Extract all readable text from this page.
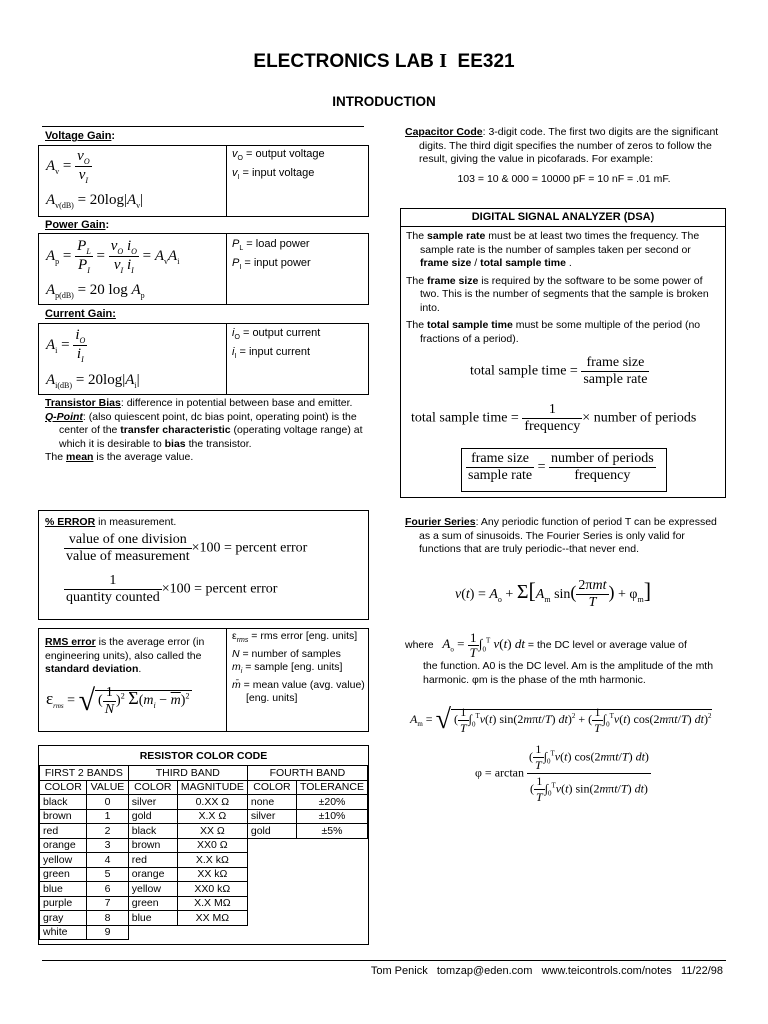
ELECTRONICS LAB I EE321
INTRODUCTION
Voltage Gain:
$A_v = \frac{v_O}{v_I}$
$A_{v(dB)} = 20\log|A_v|$
$v_O$ = output voltage
$v_I$ = input voltage
Power Gain:
$A_p = \frac{P_L}{P_I} = \frac{v_O i_O}{v_I i_I} = A_vA_i$
$A_{p(dB)} = 20$ $\log A_p$
$P_L$ = load power
$P_I$ = input power
Current Gain:
$A_i = \frac{i_O}{i_I}$
$A_{i(dB)} = 20\log|A_i|$
$i_O$ = output current
$i_I$ = input current
Transistor Bias: difference in potential between base and emitter.
Q-Point: (also quiescent point, dc bias point, operating point) is the center of the transfer characteristic (operating voltage range) at which it is desirable to bias the transistor.
The mean is the average value.
% ERROR in measurement.
$\frac{\text{value of one division}}{\text{value of measurement}} \times 100$ = percent error
$\frac{1}{\text{quantity counted}} \times 100$ = percent error
RMS error is the average error (in engineering units), also called the standard deviation.
$\varepsilon_{rms}$ = √ ( $\frac{1}{N} )^2$ $\Sigma(m_i - \overline{m})^2$
$\varepsilon_{rms}$ = rms error [eng. units]
N = number of samples
$m_i$ = sample [eng. units]
m̄ = mean value (avg. value) [eng. units]
RESISTOR COLOR CODE
FIRST 2 BANDS		THIRD BAND		FOURTH BAND	
COLOR	VALUE	COLOR	MAGNITUDE	COLOR	TOLERANCE
black	0	silver	0.XX Ω	none	±20%
brown	1	gold	X.X Ω	silver	±10%
red	2	black	XX Ω	gold	±5%
orange	3	brown	XX0 Ω		
yellow	4	red	X.X kΩ		
green	5	orange	XX kΩ		
blue	6	yellow	XX0 kΩ		
purple	7	green	X.X MΩ		
gray	8	blue	XX MΩ		
white	9				
Capacitor Code: 3-digit code. The first two digits are the significant digits. The third digit specifies the number of zeros to follow the result, giving the value in picofarads. For example:
103 = 10 & 000 = 10000 pF = 10 nF = .01 mF.
DIGITAL SIGNAL ANALYZER (DSA)
The sample rate must be at least two times the frequency. The sample rate is the number of samples taken per second or frame size / total sample time .
The frame size is required by the software to be some power of two. This is the number of segments that the sample is broken into.
The total sample time must be some multiple of the period (no fractions of a period).
total sample time = $\frac{\text{frame size}}{\text{sample rate}}$
total sample time = $\frac{1}{\text{frequency}}$ × number of periods
$\frac{\text{frame size}}{\text{sample rate}} = \frac{\text{number of periods}}{\text{frequency}}$
Fourier Series: Any periodic function of period T can be expressed as a sum of sinusoids. The Fourier Series is only valid for functions that are truly periodic--that never end.
$v(t) = A_o + \Sigma[A_m$ $\sin( \frac{\text{2πmt}}{T}$ ) + $\varphi_m$]
where $A_o = \frac{1}{T} \int_0^T$ v(t) dt = the DC level or average value of
the function. A0 is the DC level. Am is the amplitude of the mth harmonic. φm is the phase of the mth harmonic.
$A_m$ = √ ( $\frac{1}{T} \int_0^Tv(t)$ sin(2mπt/T) dt)$^2$ + ( $\frac{1}{T} \int_0^Tv(t)$ cos(2mπt/T) dt)$^2$
$\varphi = \arctan \frac{( \frac{1}{T} \int_0^Tv(t) \cos(2m\pi t/T) dt)}{( \frac{1}{T} \int_0^Tv(t) \sin(2m\pi t/T) dt)}$
Tom Penick tomzap@eden.com www.teicontrols.com/notes 11/22/98
